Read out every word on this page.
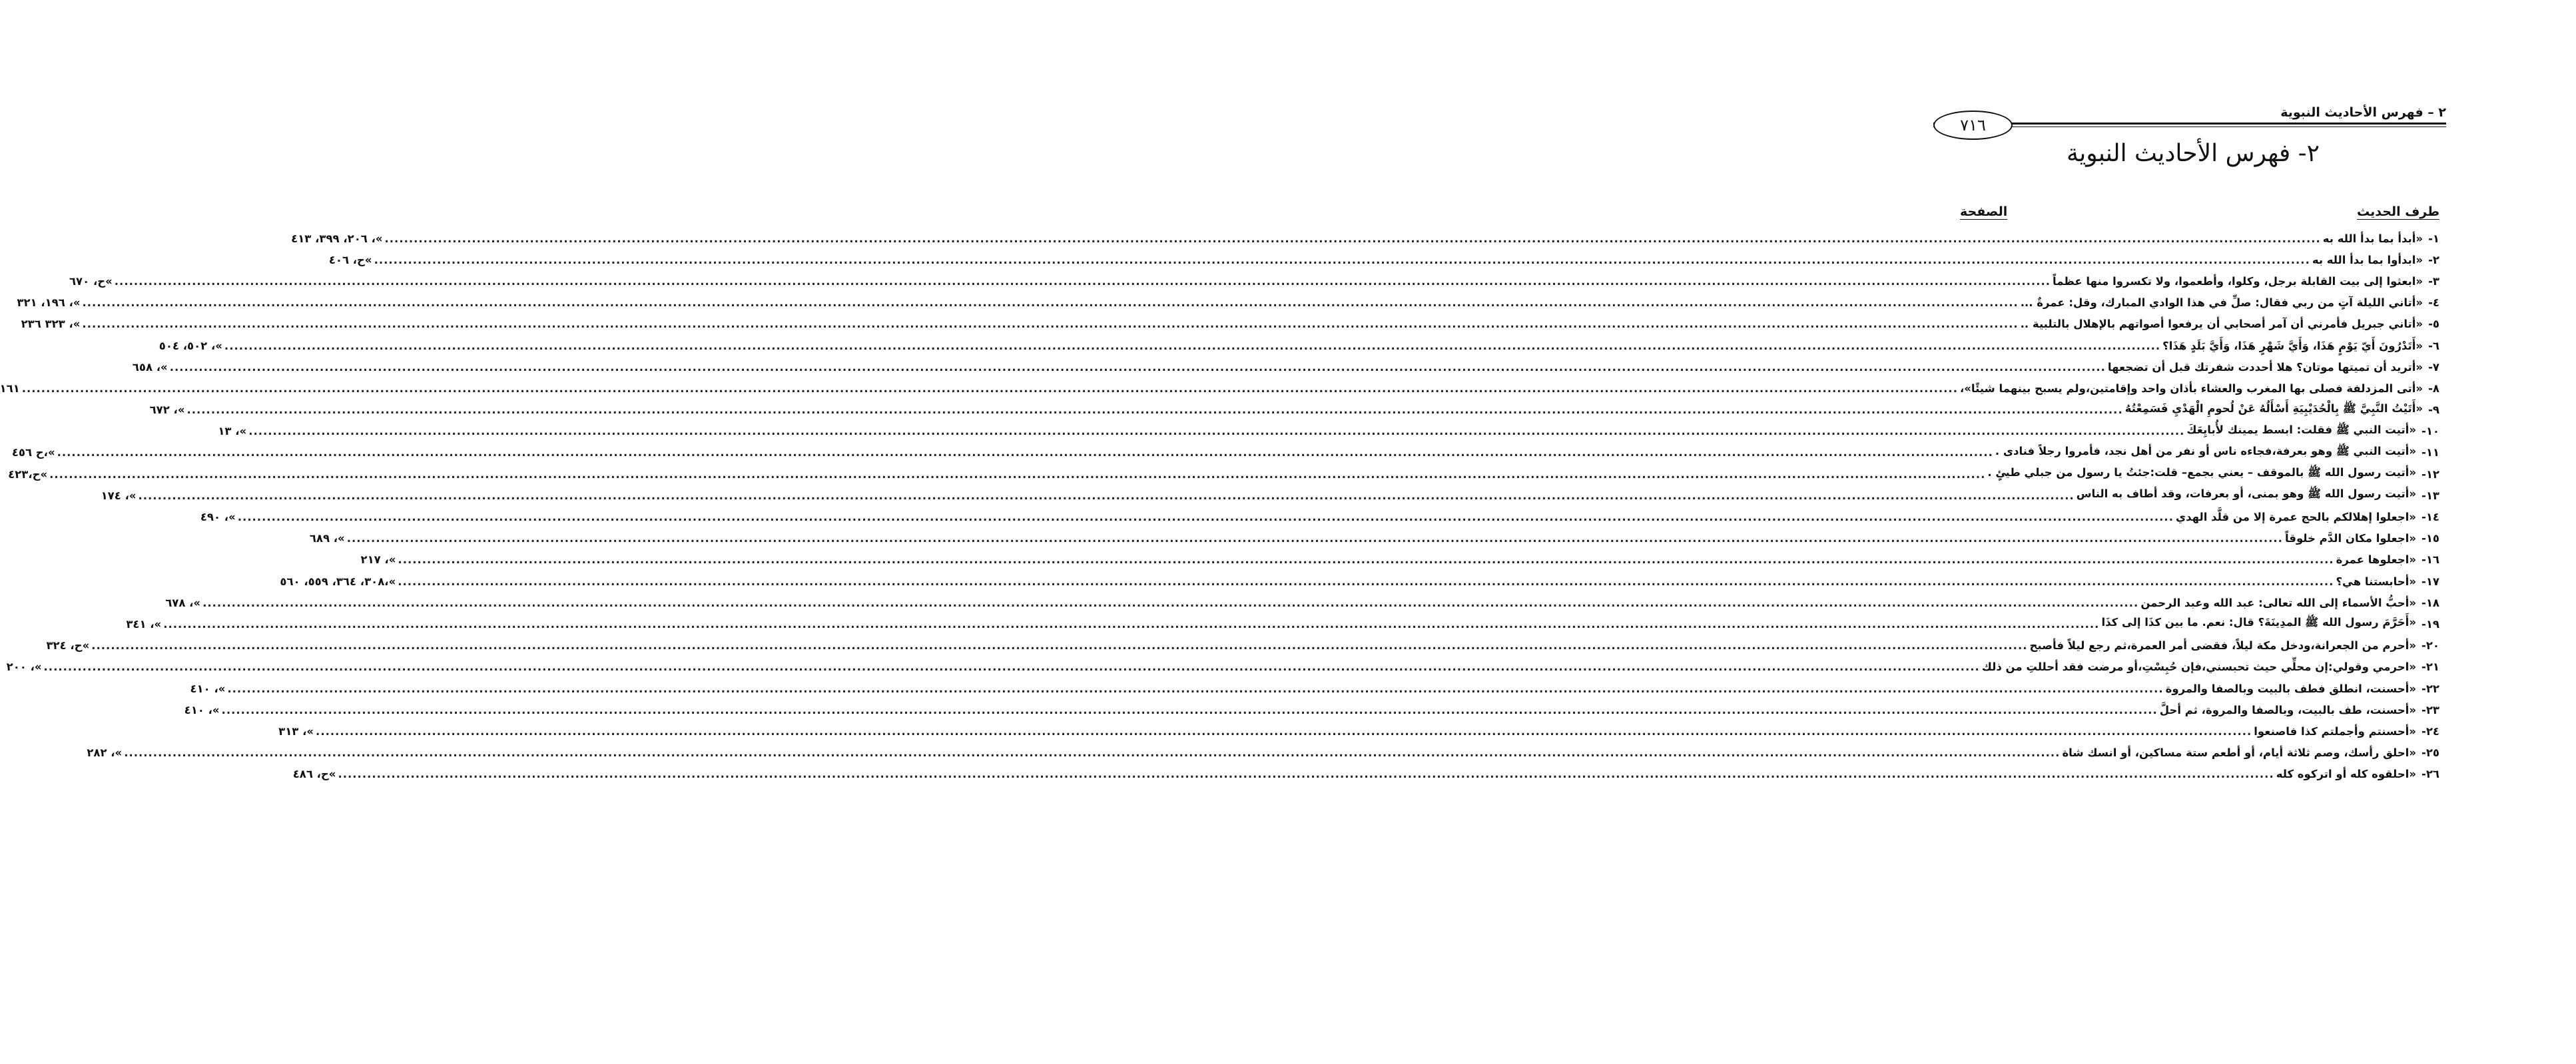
٢ – فهرس الأحاديث النبوية
٧١٦
٢- فهرس الأحاديث النبوية
طرف الحديث
الصفحة
١-
«أبدأ بما بدأ الله به
................................................................................................................................................................................................................................................................................................................................................................................................................
»، ٢٠٦، ٣٩٩، ٤١٣
٢-
«ابدأوا بما بدأ الله به
................................................................................................................................................................................................................................................................................................................................................................................................................
»ح، ٤٠٦
٣-
«ابعثوا إلى بيت القابلة برجل، وكلوا، وأطعموا، ولا تكسروا منها عظماً
................................................................................................................................................................................................................................................................................................................................................................................................................
»ح، ٦٧٠
٤-
«أتاني الليلة آتٍ من ربي فقال: صلِّ في هذا الوادي المبارك، وقل: عمرةٌ ...
................................................................................................................................................................................................................................................................................................................................................................................................................
»، ١٩٦، ٣٢١
٥-
«أتاني جبريل فأمرني أن آمر أصحابي أن يرفعوا أصواتهم بالإهلال بالتلبية ..
................................................................................................................................................................................................................................................................................................................................................................................................................
»، ٣٢٣ ٢٣٦
٦-
«أَتَدْرُونَ أَيّ يَوْمٍ هَذَا، وَأَيَّ شَهْرٍ هَذَا، وَأَيَّ بَلَدٍ هَذَا؟
................................................................................................................................................................................................................................................................................................................................................................................................................
»، ٥٠٢، ٥٠٤
٧-
«أتريد أن تميتها موتان؟ هلا أحددت شفرتك قبل أن تضجعها
................................................................................................................................................................................................................................................................................................................................................................................................................
»، ٦٥٨
٨-
«أتى المزدلفة فصلى بها المغرب والعشاء بأذان واحد وإقامتين،ولم يسبح بينهما شيئًا»،
................................................................................................................................................................................................................................................................................................................................................................................................................
١٦١
٩-
«أَتَيْتُ النَّبِيَّ ﷺ بِالْحُدَيْبِيَةِ أَسْأَلُهُ عَنْ لُحومِ الْهَدْيِ فَسَمِعْتُهُ
................................................................................................................................................................................................................................................................................................................................................................................................................
»، ٦٧٢
١٠-
«أتيت النبي ﷺ فقلت: ابسط يمينك لأُبايِعَكَ
................................................................................................................................................................................................................................................................................................................................................................................................................
»، ١٣
١١-
«أتيت النبي ﷺ وهو بعرفة،فجاءه ناس أو نفر من أهل نجد، فأمروا رجلاً فنادى .
................................................................................................................................................................................................................................................................................................................................................................................................................
»،ح ٤٥٦
١٢-
«أتيت رسول الله ﷺ بالموقف – يعني بجمع– قلت:جئتُ يا رسول من جبلي طيئٍ .
................................................................................................................................................................................................................................................................................................................................................................................................................
»ح،٤٢٣
١٣-
«أتيت رسول الله ﷺ وهو بمنى، أو بعرفات، وقد أطاف به الناس
................................................................................................................................................................................................................................................................................................................................................................................................................
»، ١٧٤
١٤-
«اجعلوا إهلالكم بالحج عمرة إلا من قلَّد الهدي
................................................................................................................................................................................................................................................................................................................................................................................................................
»، ٤٩٠
١٥-
«اجعلوا مكان الدَّم خلوقاً
................................................................................................................................................................................................................................................................................................................................................................................................................
»، ٦٨٩
١٦-
«اجعلوها عمرة
................................................................................................................................................................................................................................................................................................................................................................................................................
»، ٢١٧
١٧-
«أحابستنا هي؟
................................................................................................................................................................................................................................................................................................................................................................................................................
»،٣٠٨، ٣٦٤، ٥٥٩، ٥٦٠
١٨-
«أحبُّ الأسماء إلى الله تعالى: عبد الله وعبد الرحمن
................................................................................................................................................................................................................................................................................................................................................................................................................
»، ٦٧٨
١٩-
«أَحَرَّمَ رسول الله ﷺ المدِينَةَ؟ قال: نعم. ما بين كذَا إلى كذَا
................................................................................................................................................................................................................................................................................................................................................................................................................
»، ٣٤١
٢٠-
«أحرم من الجعرانة،ودخل مكة ليلاً، فقضى أمر العمرة،ثم رجع ليلاً فأصبح
................................................................................................................................................................................................................................................................................................................................................................................................................
»ح، ٣٢٤
٢١-
«احرمي وقولي:إن محلِّي حيث تحبسني،فإن حُبِسْتِ،أو مرضت فقد أحللتِ من ذلك
................................................................................................................................................................................................................................................................................................................................................................................................................
»، ٢٠٠
٢٢-
«أحسنت، انطلق فطف بالبيت وبالصفا والمروة
................................................................................................................................................................................................................................................................................................................................................................................................................
»، ٤١٠
٢٣-
«أحسنت، طف بالبيت، وبالصفا والمروة، ثم أحلَّ
................................................................................................................................................................................................................................................................................................................................................................................................................
»، ٤١٠
٢٤-
«أحسنتم وأجملتم كذا فاصنعوا
................................................................................................................................................................................................................................................................................................................................................................................................................
»، ٣١٣
٢٥-
«احلق رأسك، وصم ثلاثة أيام، أو أطعم ستة مساكين، أو انسك شاة
................................................................................................................................................................................................................................................................................................................................................................................................................
»، ٢٨٢
٢٦-
«احلقوه كله أو اتركوه كله
................................................................................................................................................................................................................................................................................................................................................................................................................
»ح، ٤٨٦
